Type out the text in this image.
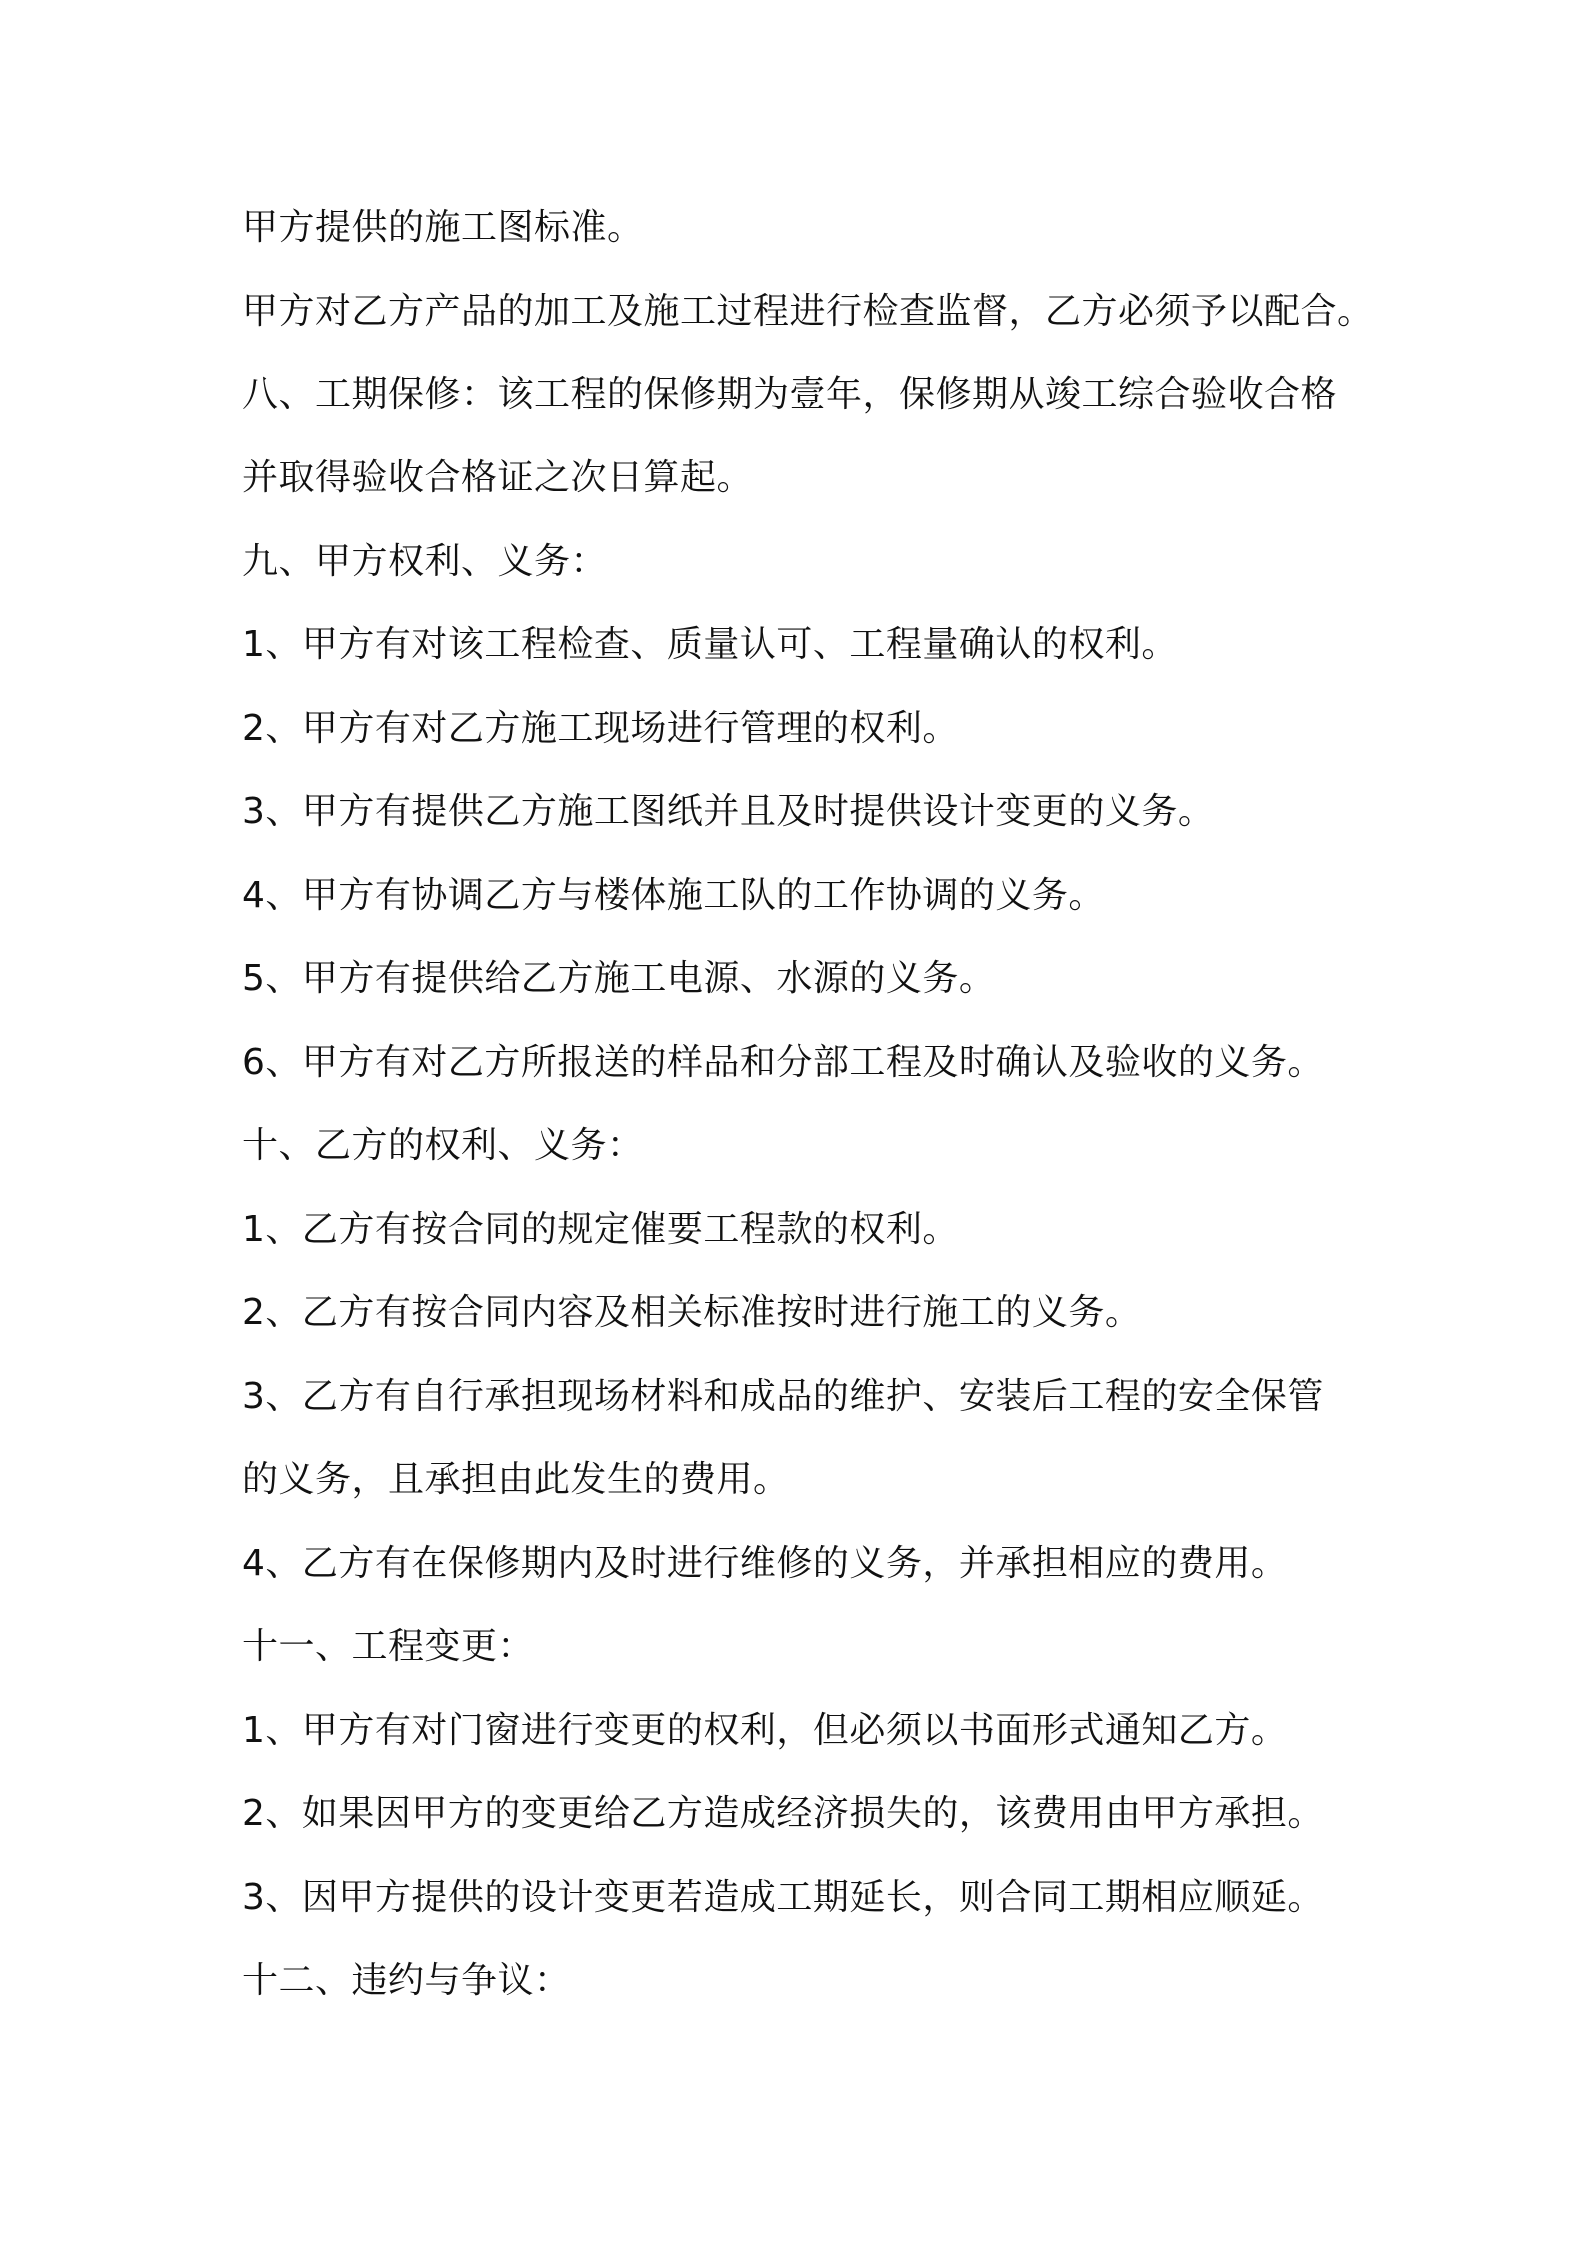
甲方提供的施工图标准。

甲方对乙方产品的加工及施工过程进行检查监督，乙方必须予以配合。

八、工期保修：该工程的保修期为壹年，保修期从竣工综合验收合格

并取得验收合格证之次日算起。

九、甲方权利、义务：

1、甲方有对该工程检查、质量认可、工程量确认的权利。

2、甲方有对乙方施工现场进行管理的权利。

3、甲方有提供乙方施工图纸并且及时提供设计变更的义务。

4、甲方有协调乙方与楼体施工队的工作协调的义务。

5、甲方有提供给乙方施工电源、水源的义务。

6、甲方有对乙方所报送的样品和分部工程及时确认及验收的义务。

十、乙方的权利、义务：

1、乙方有按合同的规定催要工程款的权利。

2、乙方有按合同内容及相关标准按时进行施工的义务。

3、乙方有自行承担现场材料和成品的维护、安装后工程的安全保管

的义务，且承担由此发生的费用。

4、乙方有在保修期内及时进行维修的义务，并承担相应的费用。

十一、工程变更：

1、甲方有对门窗进行变更的权利，但必须以书面形式通知乙方。

2、如果因甲方的变更给乙方造成经济损失的，该费用由甲方承担。

3、因甲方提供的设计变更若造成工期延长，则合同工期相应顺延。

十二、违约与争议：
